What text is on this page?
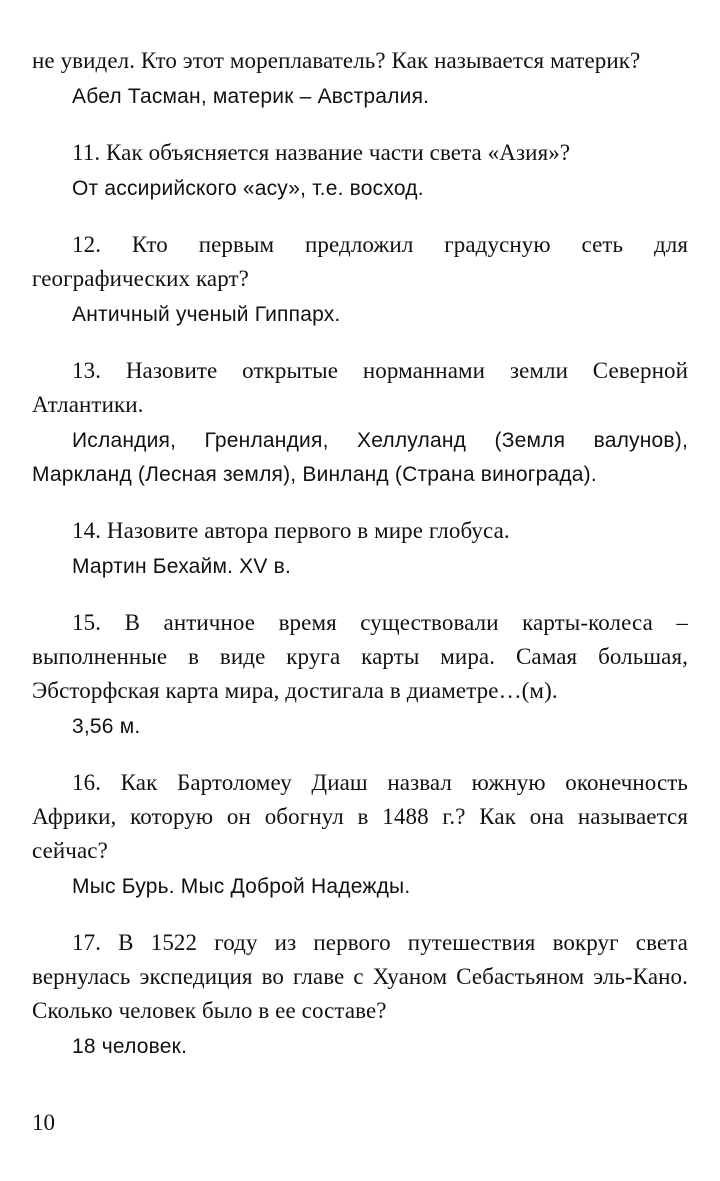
не увидел. Кто этот мореплаватель? Как называется материк?

Абел Тасман, материк – Австралия.

11. Как объясняется название части света «Азия»?

От ассирийского «асу», т.е. восход.

12. Кто первым предложил градусную сеть для географических карт?

Античный ученый Гиппарх.

13. Назовите открытые норманнами земли Северной Атлантики.

Исландия, Гренландия, Хеллуланд (Земля валунов), Маркланд (Лесная земля), Винланд (Страна винограда).

14. Назовите автора первого в мире глобуса.

Мартин Бехайм. XV в.

15. В античное время существовали карты-колеса – выполненные в виде круга карты мира. Самая большая, Эбсторфская карта мира, достигала в диаметре…(м).

3,56 м.

16. Как Бартоломеу Диаш назвал южную оконечность Африки, которую он обогнул в 1488 г.? Как она называется сейчас?

Мыс Бурь. Мыс Доброй Надежды.

17. В 1522 году из первого путешествия вокруг света вернулась экспедиция во главе с Хуаном Себастьяном эль-Кано. Сколько человек было в ее составе?

18 человек.

10
